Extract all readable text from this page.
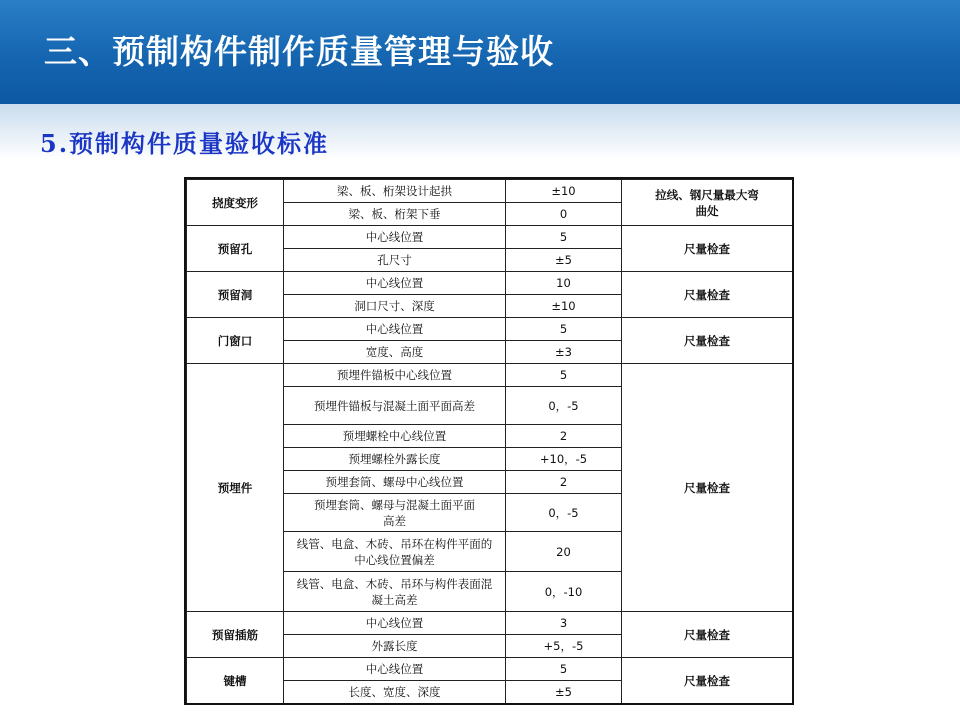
三、预制构件制作质量管理与验收
5.预制构件质量验收标准
挠度变形	梁、板、桁架设计起拱	±10	拉线、钢尺量最大弯曲处
	梁、板、桁架下垂	0	
预留孔	中心线位置	5	尺量检查
	孔尺寸	±5	
预留洞	中心线位置	10	尺量检查
	洞口尺寸、深度	±10	
门窗口	中心线位置	5	尺量检查
	宽度、高度	±3	
预埋件	预埋件锚板中心线位置	5	尺量检查
	预埋件锚板与混凝土面平面高差	0，-5	
	预埋螺栓中心线位置	2	
	预埋螺栓外露长度	+10，-5	
	预埋套筒、螺母中心线位置	2	
	预埋套筒、螺母与混凝土面平面高差	0，-5	
	线管、电盒、木砖、吊环在构件平面的中心线位置偏差	20	
	线管、电盒、木砖、吊环与构件表面混凝土高差	0，-10	
预留插筋	中心线位置	3	尺量检查
	外露长度	+5，-5	
键槽	中心线位置	5	尺量检查
	长度、宽度、深度	±5	
